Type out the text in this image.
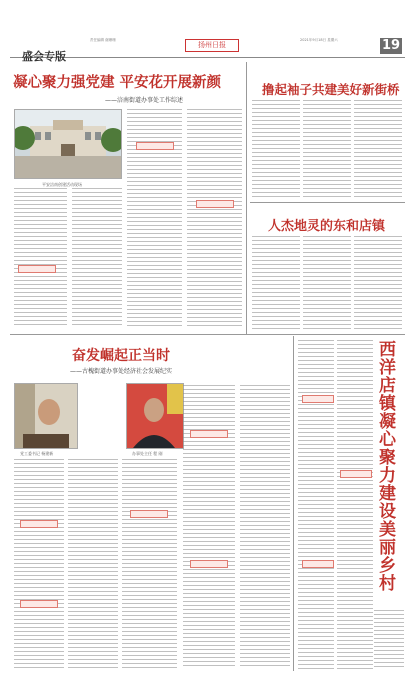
责任编辑 谢珊珊
扬州日报
2021年9月18日 星期六	19
盛会专版
凝心聚力强党建 平安花开展新颜
——涪南街道办事处工作综述
平安涪南创建活动现场
撸起袖子共建美好新街桥
人杰地灵的东和店镇
奋发崛起正当时
——古槐街道办事处经济社会发展纪实
党工委书记 杨建新	办事处主任 程 刚	西洋店镇凝心聚力建设美丽乡村
